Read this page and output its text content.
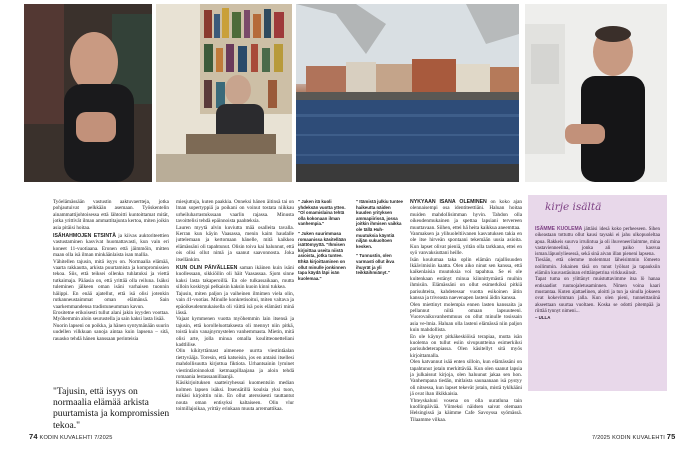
Työelämässään vastustin aaktuvaertteja, jotka pohjautuivat pelkkään asemaan. Työskentelin ainammattijohtoisessa että lähtoitti kuntoittamat mität, jotka yrittivät ilman ammattitajunta kertoa, miten joikin asia pitäisi hoitaa.

ISÄHAHMOJEN ETSINTÄ ja kiivas auktoriteettien vastustaminen kasvivat huomattavasti, kun vain eri koneet 11-vuotiaana. Eronen että jäimmöin, mitten maan olla isä ilman minkäänlaista isan mallia.

Vähitellen tajusin, mitä isyys on. Normaalia elämää, vaarta rakkautta, arkista puurtamista ja kompromissien tekoa. Siis, että teiksei ollenka tuhlatuksi ja viettä tutkaimaja. Pääasia on, että yrittää olla reiluna. Isäksi tuleminen jälkeen oman isäni varhaisen tuonnin häiippi. En enää ajatellut, että isä olisi jotenkin rutkanneustaimmat oman elämänsä. Sain vaarkemmandensa tradistuneumman kavun.

Erositetne erikoisesti tullut alani jakin isyyden voottaa. Myöhemmin aloin seurustella ja sain kaksi lasta lisää.

Nuorin lapseni on poikka, ja hänen syntymänään suurin uudellen vilkkuan sanoja aintaa kuin lapsena – sitä, rauasko tehdä hänen kanssaan perinteisia

"Tajusin, että isyys on normaalia elämää arkista puurtamista ja kompromissien tekoa."

miesjuttuja, kuten paakkia. Onneksi hänen äitinsä tai on lman sopertyppiä ja poikani on voinut tostata niikkau urheiluharrastukssaan vaarlin rajassa. Minusta tavoittelisi tehdä epäinnoista paahteksia.

Lauren myytä alvin kuviutta mää osalleita tavalla. Kerran kun käyin Vaasassa, menin kaim haudalle juttelemaan ja kertomaan hänelle, mitä kaikkea elämässäni oli tapahtunut. Olisin toiva kai halunnut, että ois olisi ollut nimä ja saanut saavonnosta. Joka itsellänkim.

KUN OLIN PÄIVÄLLEEN saman ikäinen kuin isäni kuollessaan, sikkiöilin oli häit Vaasassaa. Sjom sinne kaksi lasta takaperoillä. En ole tulkassaikaan, mutta silloin koskitypi pelkaisin kaksin kuoin kinni tukkea.

Tajusin, miten paljon ja vaiheinen ilmimen viela olin, vain 41-vuotias. Minulle konkretisoitui, miten valtava ja epäoikeudenmukaisella oli väittä isä pois elämästi minä iässä.

Vajaat kymmenen vuotta myöhemmin lain itsensä ja tajusin, että korolleluottaksesta oli mennyt niin pitkä, toistä kuin vanajnymystelen vanhemmasta. Mietin, mitä olisi arte, jolla minua omalla koulitteonetteliani kadtlilise.

Olin kikityttämast aimenene uurrta viestintäalan tiettyvääja. Toresin, että katseisin, jos en antaisi itsellesi mahdollisuutta kirjottua fiktiota. Urhantsainin lyminet viestintäroinnoksti ketmaapillaajana ja aloin tehdä romaania lestassaanillaanjä.

Käsikirjoituksen saatteiryhessai kuomentsiin median kolmen lapsen isäksi. Itsensätillä koulsia yksi tuon, mikäsi kirjoittin niin. En ollut aterssisesti tauttantut nouta oman entisyksi kaltaiseen. Olin vlur toimillajoikaa, yrittäy erinkaan muuta arremattikaa.

" Jaken itä kuoli yhdeksän vuotta ytten. "Ol omamislaina tehtä olla kokonaan ilman vanhempia."

" Juken suurimmasa romaanissa käsitellään isättömyyttä. "Ihmisen kirjoittaa useita niistä asioista, jotka tuntee. Ehkä kirjoittaminen on ollut minulle jonkinnen tapa käydä läpi isän kuolemaa."

" Itämistä julkiu tuntee haikeutta näiden kuuden yrityksen ammapiirissä, jossa joitkin ihmisen vaikka ole tällä Huh-muutuksia käyntiä niljän sukuoltoen kesken.

" Tunnustin, olen varmasti ollut ikva ihuyrät ja yli teikkäihmiänyt."

NYKYÄÄN ISÄNÄ OLEMINEN on koko ajan olennaisempi osa identiteettiäni. Haluan hoitaa muiden mahdollisimman hyvin. Tahdon olla oikeudenmukainen ja spettaa lapsiani tervereen muuttavaan. Siihen, ettei hä heita kaikkua aneemttaa.

Vanmaksen ja ylihuoleltiivanen kasvatuksen takia en ole itse hirveän spontaani tekemään uusia asioita. Kun lapset olivat pieniä, yritän olla tarkkana, ettei en syö vanvaksiuttani heille.

Isän koulumaa taka oplin elämän rajallisuuden lkäävimisiin kaatta. Olen aiko ninut sen kanssa, että kaikenlaisia muutoksia voi tapahtua. Se ei ole kuitenkaan estänyt minua kiinnittymästä muihin ihmisiin. Elämässäni on ollut esimerkiksi pitkiä parisuhteita, kahdetessar vuotta esikoinen äitin kanssa ja triveasta naevenapen lasteni äidin kanssa.

Olen miettinyt molempia ennen lasten kanssaita ja pellannut niitä omaan lapsuuteeni. Vuorovaikuvanhemmuus on ollut minulle tosissain asia ve-lmia. Haluan olla lasteni elämässä niin paljon kuin mahdollista.

En ole käynyt pitkäkeskiöisä terapiaa, mutta isän kuolema on tullut esiin sivupuntteina esimerkiksi parisuhdeterapiassa. Olen käsitellyt sitä myös kirjoittamalla.

Olen katvannut isää enten silloin, kun elämässäni on tapahtunut jotain merkittävää. Kun olen saanut lapsia ja julkaissut kirjoja, olen haluunut jakaa sen hon. Vanhempana tiedän, mitlaista saunaanaan isä pystyy oli nitsessa, kun lapset tekevät jotain, mistä tyklkääni jä ovat ihan ilkikkaisia.

Yhteyskaluni vosena on olla uuratluna tain kuollinpäivää. Viimeksi näidsen saivat olemaan Helsingissä ja käimme Cafe Savoyssa syömässä. Tilaamme vilkaa.

kirje isältä

ISÄMME KUOLEMA jättäisi idesä koko perheeseen. Sihen oikeastaan tottuttu ollut kausi taysaki ei jahu ulkopuoleltaa apua. Rakkeis suurva irrulintua ja oli ihuveneerilaimme, mina vastavienneelinä, jonka ali paiko kasvua isman.läpuolyliesessä, sekä sinä aivan illan pieneni lapsena.

Tiesään, että olemme molemmat läheisimmin lömeeto noilimmin. Jokainen täsä on tunut lyöloat ja tapauksiin elämiin kuuvastäuinan erittäinpetrina virkkusiinsit.

Tapat tuma on ylittänyt muistuttavimme itsa lö hanaa entisaadiot ruutuojaletusaminnen. Nimen voina kaari mustantaa. Kuten ajattaelinen, aloitti ja tun ja sinulla jokseen ovat kokevimman jalla. Kun olen pieni, tunneittasiinä akseettaan suurtaa vuoltaen. Koska se odotti pitempää ja riittää tynnyt nimeni...

– ULLA

74 KODIN KUVALEHTI 7/2025	7/2025 KODIN KUVALEHTI 75
